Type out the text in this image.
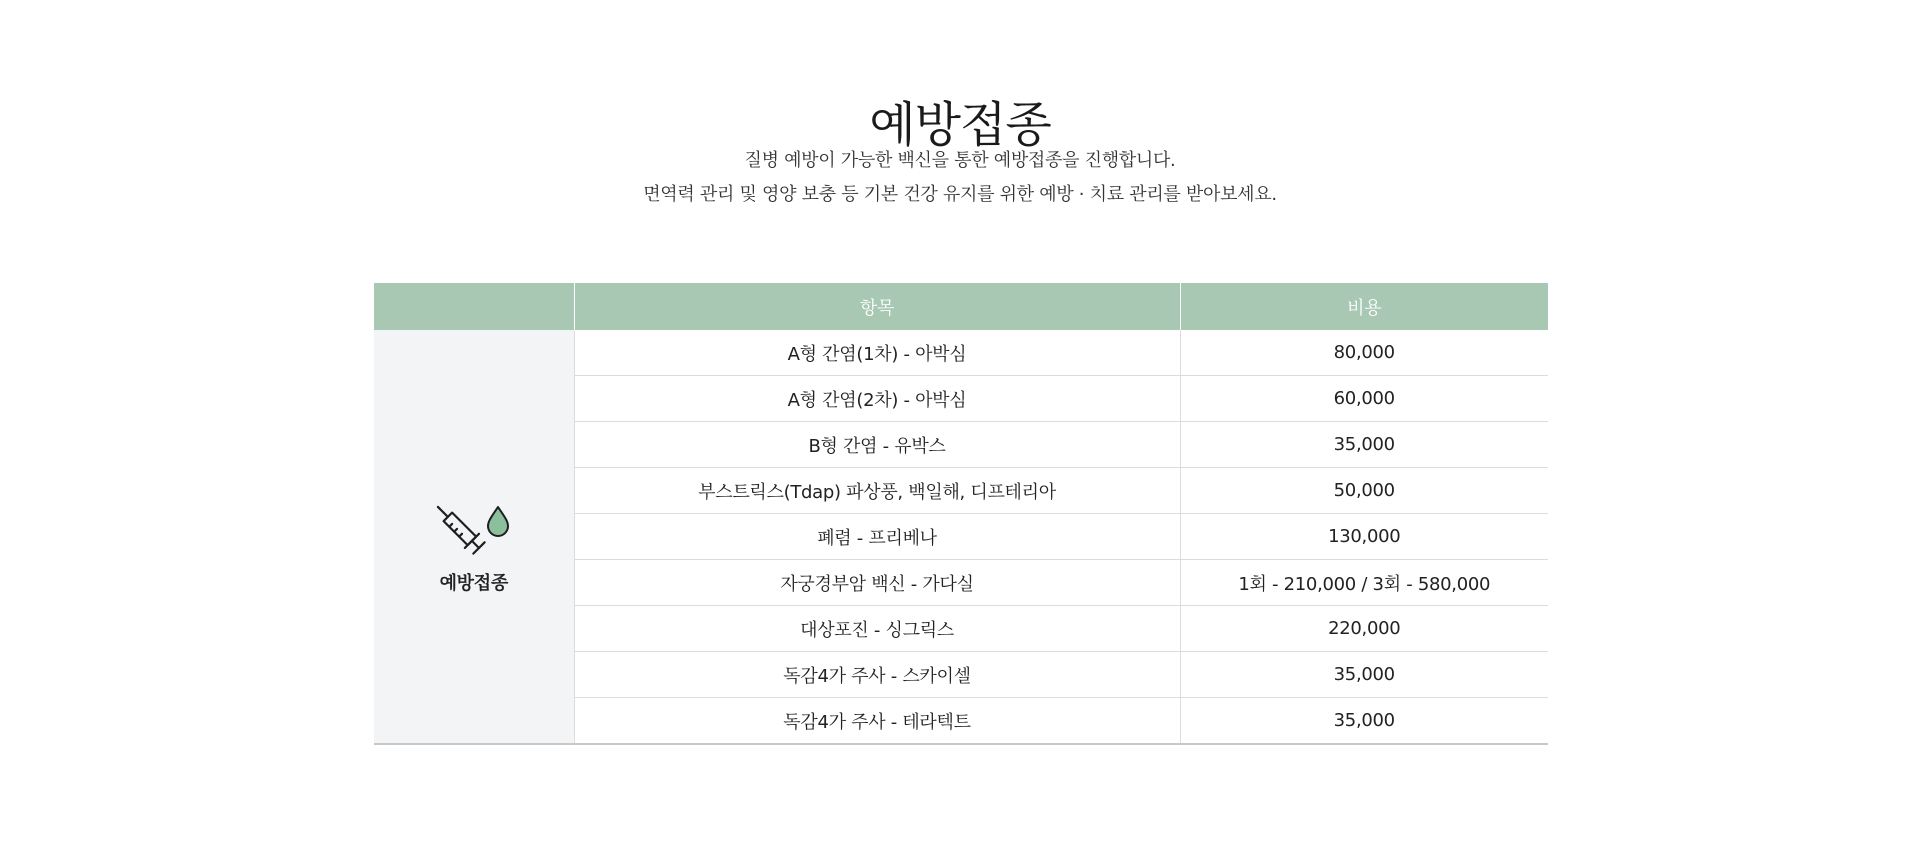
예방접종

질병 예방이 가능한 백신을 통한 예방접종을 진행합니다.

면역력 관리 및 영양 보충 등 기본 건강 유지를 위한 예방 · 치료 관리를 받아보세요.

	항목	비용

예방접종	A형 간염(1차) - 아박심	80,000
	A형 간염(2차) - 아박심	60,000
	B형 간염 - 유박스	35,000
	부스트릭스(Tdap) 파상풍, 백일해, 디프테리아	50,000
	폐렴 - 프리베나	130,000
	자궁경부암 백신 - 가다실	1회 - 210,000 / 3회 - 580,000
	대상포진 - 싱그릭스	220,000
	독감4가 주사 - 스카이셀	35,000
	독감4가 주사 - 테라텍트	35,000
